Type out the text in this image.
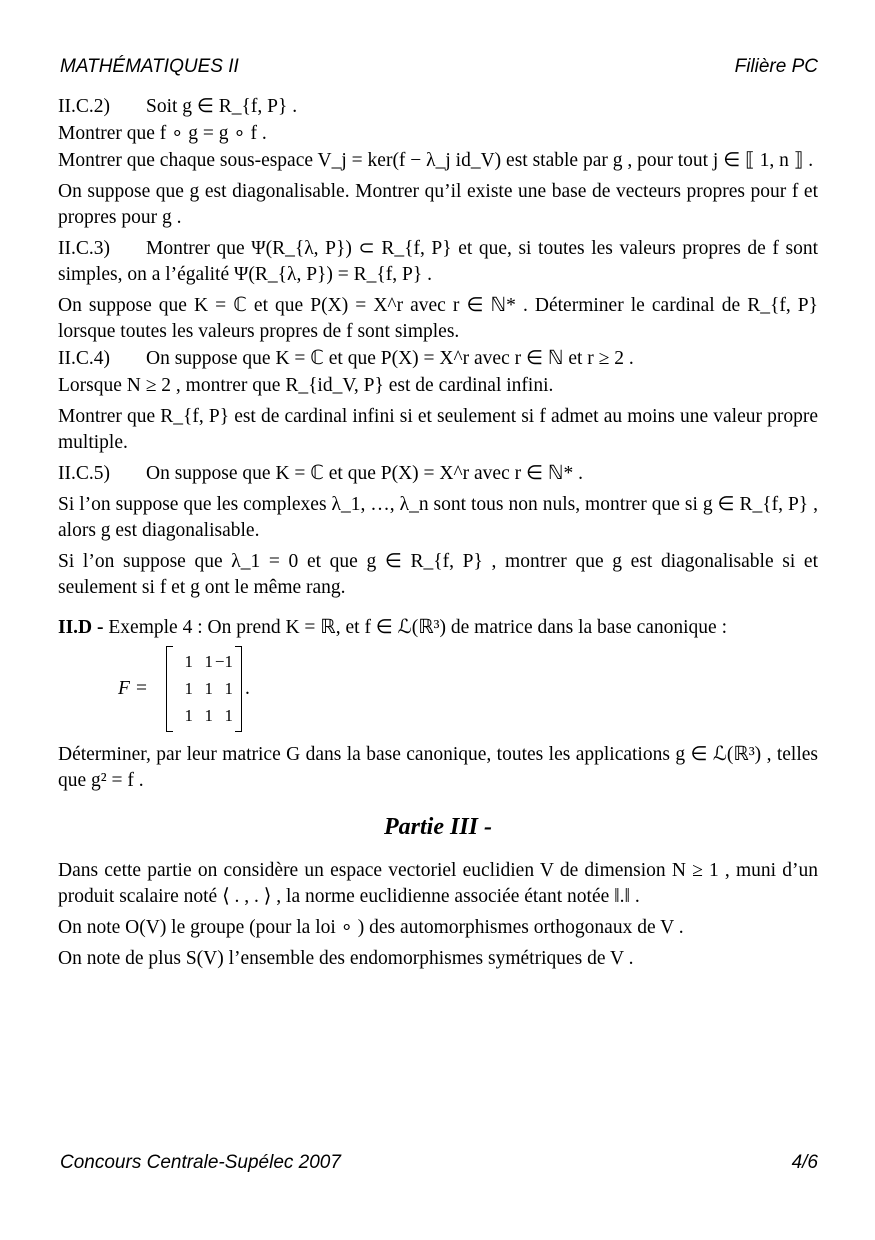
MATHÉMATIQUES II	Filière PC

II.C.2) Soit g ∈ R_{f, P} .

Montrer que f ∘ g = g ∘ f .

Montrer que chaque sous-espace V_j = ker(f − λ_j id_V) est stable par g , pour tout j ∈ ⟦ 1, n ⟧ .

On suppose que g est diagonalisable. Montrer qu’il existe une base de vecteurs propres pour f et propres pour g .

II.C.3) Montrer que Ψ(R_{λ, P}) ⊂ R_{f, P} et que, si toutes les valeurs propres de f sont simples, on a l’égalité Ψ(R_{λ, P}) = R_{f, P} .

On suppose que K = ℂ et que P(X) = X^r avec r ∈ ℕ* . Déterminer le cardinal de R_{f, P} lorsque toutes les valeurs propres de f sont simples.

II.C.4) On suppose que K = ℂ et que P(X) = X^r avec r ∈ ℕ et r ≥ 2 .

Lorsque N ≥ 2 , montrer que R_{id_V, P} est de cardinal infini.

Montrer que R_{f, P} est de cardinal infini si et seulement si f admet au moins une valeur propre multiple.

II.C.5) On suppose que K = ℂ et que P(X) = X^r avec r ∈ ℕ* .

Si l’on suppose que les complexes λ_1, …, λ_n sont tous non nuls, montrer que si g ∈ R_{f, P} , alors g est diagonalisable.

Si l’on suppose que λ_1 = 0 et que g ∈ R_{f, P} , montrer que g est diagonalisable si et seulement si f et g ont le même rang.

II.D - Exemple 4 : On prend K = ℝ, et f ∈ ℒ(ℝ³) de matrice dans la base canonique :

F =
1	1	−1
1	1	1
1	1	1
.

Déterminer, par leur matrice G dans la base canonique, toutes les applications g ∈ ℒ(ℝ³) , telles que g² = f .

Partie III -

Dans cette partie on considère un espace vectoriel euclidien V de dimension N ≥ 1 , muni d’un produit scalaire noté ⟨ . , . ⟩ , la norme euclidienne associée étant notée ‖.‖ .

On note O(V) le groupe (pour la loi ∘ ) des automorphismes orthogonaux de V .

On note de plus S(V) l’ensemble des endomorphismes symétriques de V .

Concours Centrale-Supélec 2007	4/6
